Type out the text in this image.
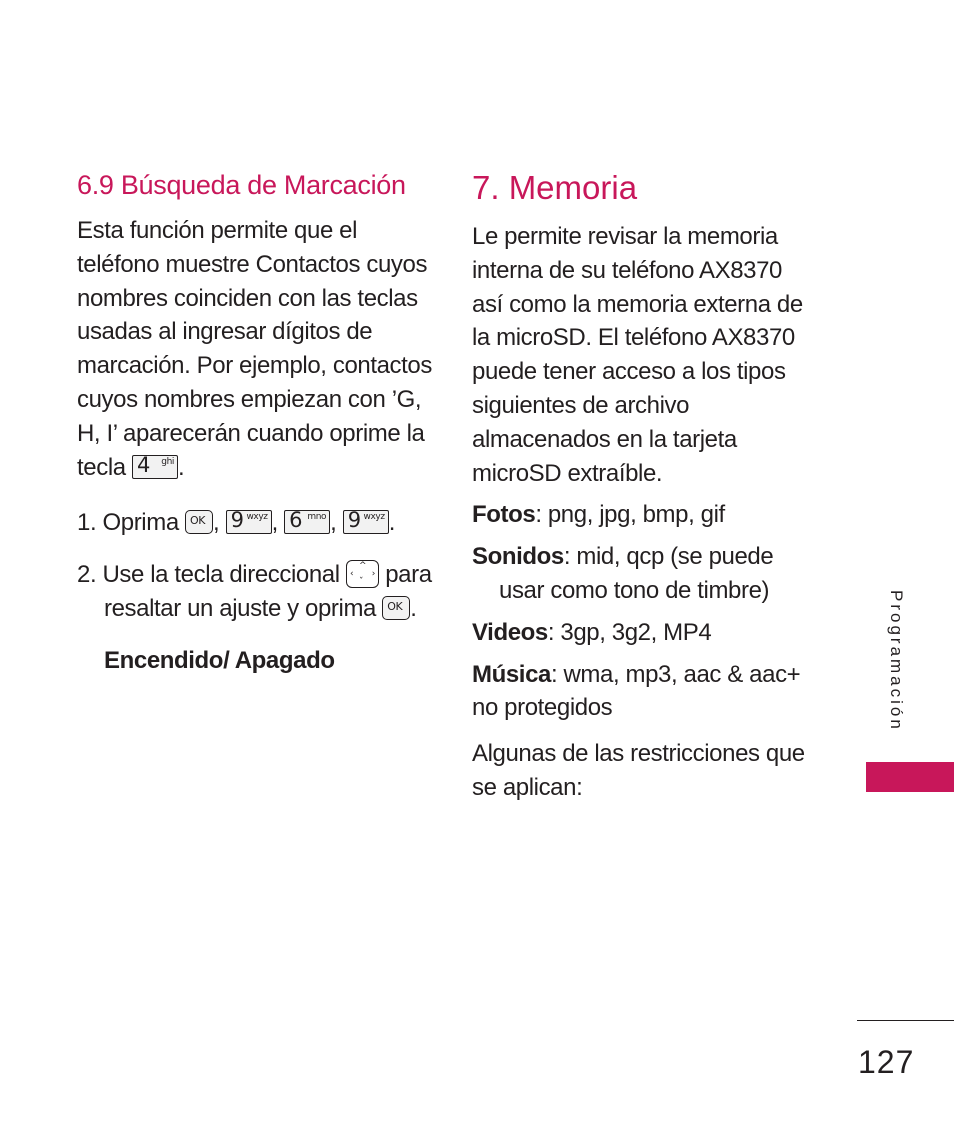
6.9 Búsqueda de Marcación

Esta función permite que el teléfono muestre Contactos cuyos nombres coinciden con las teclas usadas al ingresar dígitos de marcación. Por ejemplo, contactos cuyos nombres empiezan con ’G, H, I’ aparecerán cuando oprime la tecla 4 ghi .

1. Oprima OK , 9 wxyz , 6 mno , 9 wxyz .

2. Use la tecla direccional ^
‹ ›
ˇ para resaltar un ajuste y oprima OK .

Encendido/ Apagado

7. Memoria

Le permite revisar la memoria interna de su teléfono AX8370 así como la memoria externa de la microSD. El teléfono AX8370 puede tener acceso a los tipos siguientes de archivo almacenados en la tarjeta microSD extraíble.

Fotos: png, jpg, bmp, gif

Sonidos: mid, qcp (se puede usar como tono de timbre)

Videos: 3gp, 3g2, MP4

Música: wma, mp3, aac & aac+ no protegidos

Algunas de las restricciones que se aplican:

Programación
127
